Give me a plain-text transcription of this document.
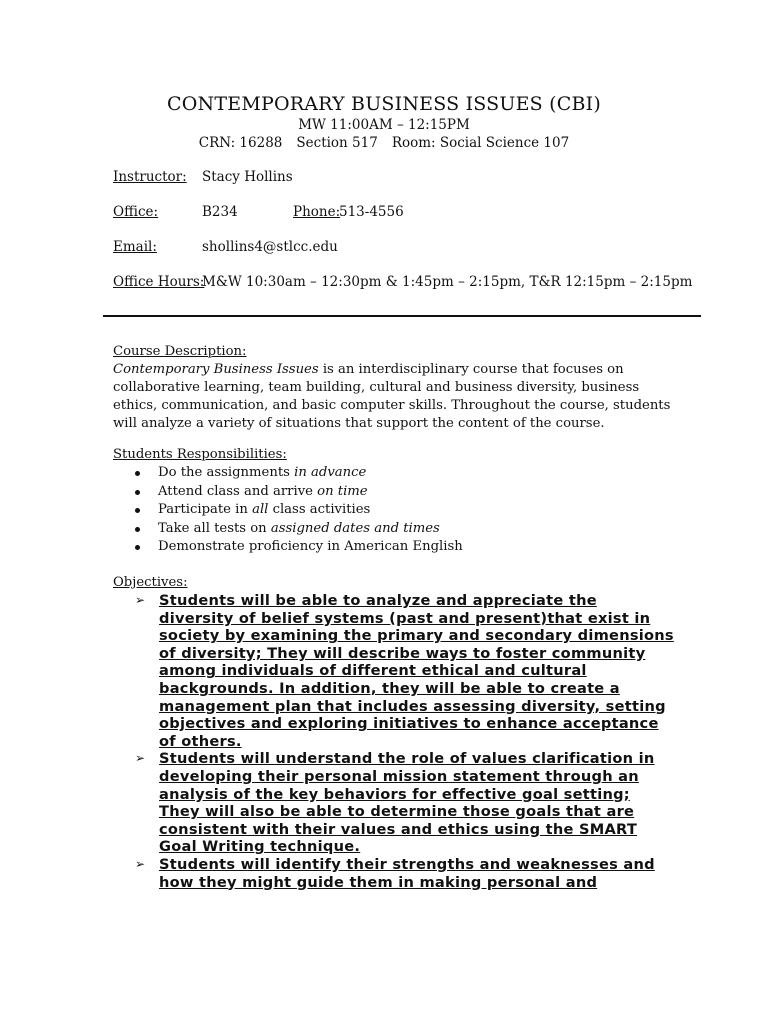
CONTEMPORARY BUSINESS ISSUES (CBI)
MW 11:00AM – 12:15PM
CRN: 16288 Section 517 Room: Social Science 107
Instructor: Stacy Hollins
Office:	B234	Phone:
513-4556
Email:	shollins4@stlcc.edu
Office Hours:
M&W 10:30am – 12:30pm & 1:45pm – 2:15pm, T&R 12:15pm – 2:15pm
Course Description:
Contemporary Business Issues is an interdisciplinary course that focuses on collaborative learning, team building, cultural and business diversity, business ethics, communication, and basic computer skills. Throughout the course, students will analyze a variety of situations that support the content of the course.
Students Responsibilities:
Do the assignments in advance
Attend class and arrive on time
Participate in all class activities
Take all tests on assigned dates and times
Demonstrate proficiency in American English
Objectives:
➢ Students will be able to analyze and appreciate the diversity of belief systems (past and present)that exist in society by examining the primary and secondary dimensions of diversity; They will describe ways to foster community among individuals of different ethical and cultural backgrounds. In addition, they will be able to create a management plan that includes assessing diversity, setting objectives and exploring initiatives to enhance acceptance of others.
➢ Students will understand the role of values clarification in developing their personal mission statement through an analysis of the key behaviors for effective goal setting; They will also be able to determine those goals that are consistent with their values and ethics using the SMART Goal Writing technique.
➢ Students will identify their strengths and weaknesses and how they might guide them in making personal and
